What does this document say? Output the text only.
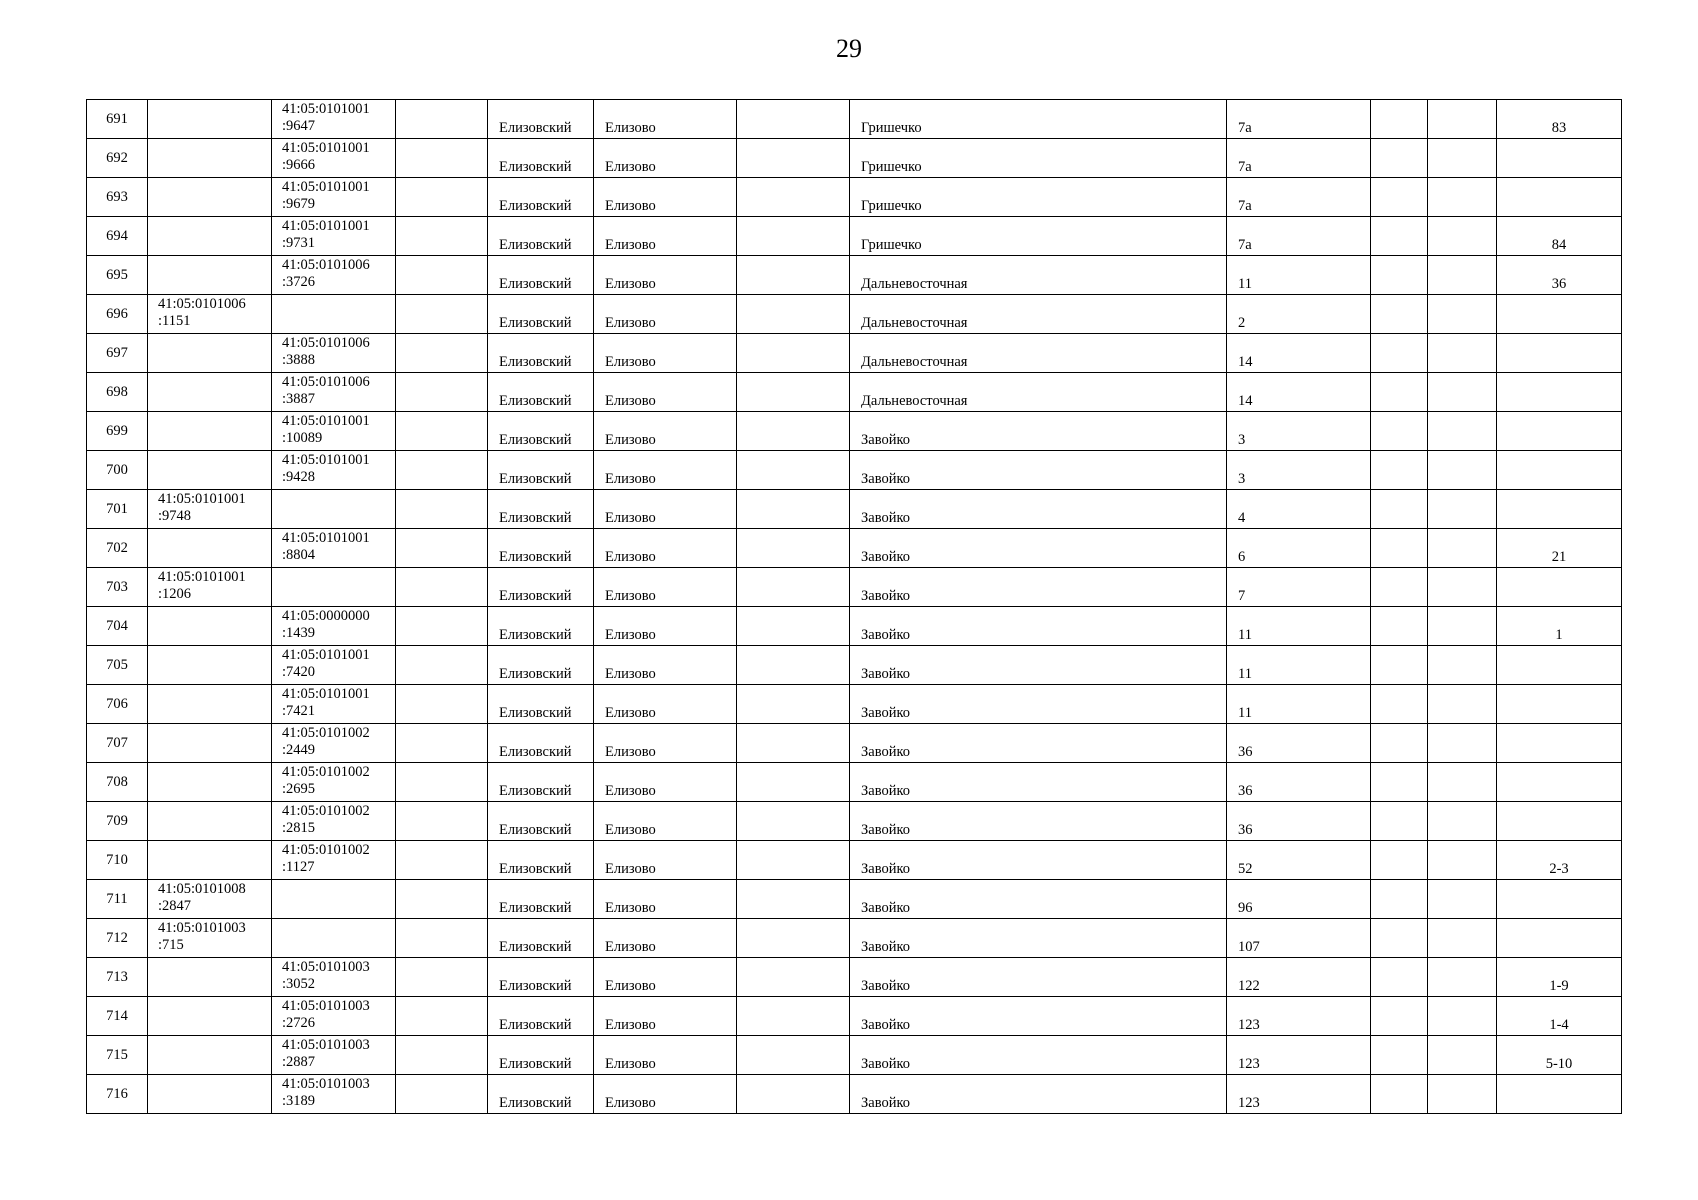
29
691		41:05:0101001
:9647		Елизовский	Елизово		Гришечко	7а			83
692		41:05:0101001
:9666		Елизовский	Елизово		Гришечко	7а			
693		41:05:0101001
:9679		Елизовский	Елизово		Гришечко	7а			
694		41:05:0101001
:9731		Елизовский	Елизово		Гришечко	7а			84
695		41:05:0101006
:3726		Елизовский	Елизово		Дальневосточная	11			36
696	41:05:0101006
:1151			Елизовский	Елизово		Дальневосточная	2			
697		41:05:0101006
:3888		Елизовский	Елизово		Дальневосточная	14			
698		41:05:0101006
:3887		Елизовский	Елизово		Дальневосточная	14			
699		41:05:0101001
:10089		Елизовский	Елизово		Завойко	3			
700		41:05:0101001
:9428		Елизовский	Елизово		Завойко	3			
701	41:05:0101001
:9748			Елизовский	Елизово		Завойко	4			
702		41:05:0101001
:8804		Елизовский	Елизово		Завойко	6			21
703	41:05:0101001
:1206			Елизовский	Елизово		Завойко	7			
704		41:05:0000000
:1439		Елизовский	Елизово		Завойко	11			1
705		41:05:0101001
:7420		Елизовский	Елизово		Завойко	11			
706		41:05:0101001
:7421		Елизовский	Елизово		Завойко	11			
707		41:05:0101002
:2449		Елизовский	Елизово		Завойко	36			
708		41:05:0101002
:2695		Елизовский	Елизово		Завойко	36			
709		41:05:0101002
:2815		Елизовский	Елизово		Завойко	36			
710		41:05:0101002
:1127		Елизовский	Елизово		Завойко	52			2-3
711	41:05:0101008
:2847			Елизовский	Елизово		Завойко	96			
712	41:05:0101003
:715			Елизовский	Елизово		Завойко	107			
713		41:05:0101003
:3052		Елизовский	Елизово		Завойко	122			1-9
714		41:05:0101003
:2726		Елизовский	Елизово		Завойко	123			1-4
715		41:05:0101003
:2887		Елизовский	Елизово		Завойко	123			5-10
716		41:05:0101003
:3189		Елизовский	Елизово		Завойко	123			
